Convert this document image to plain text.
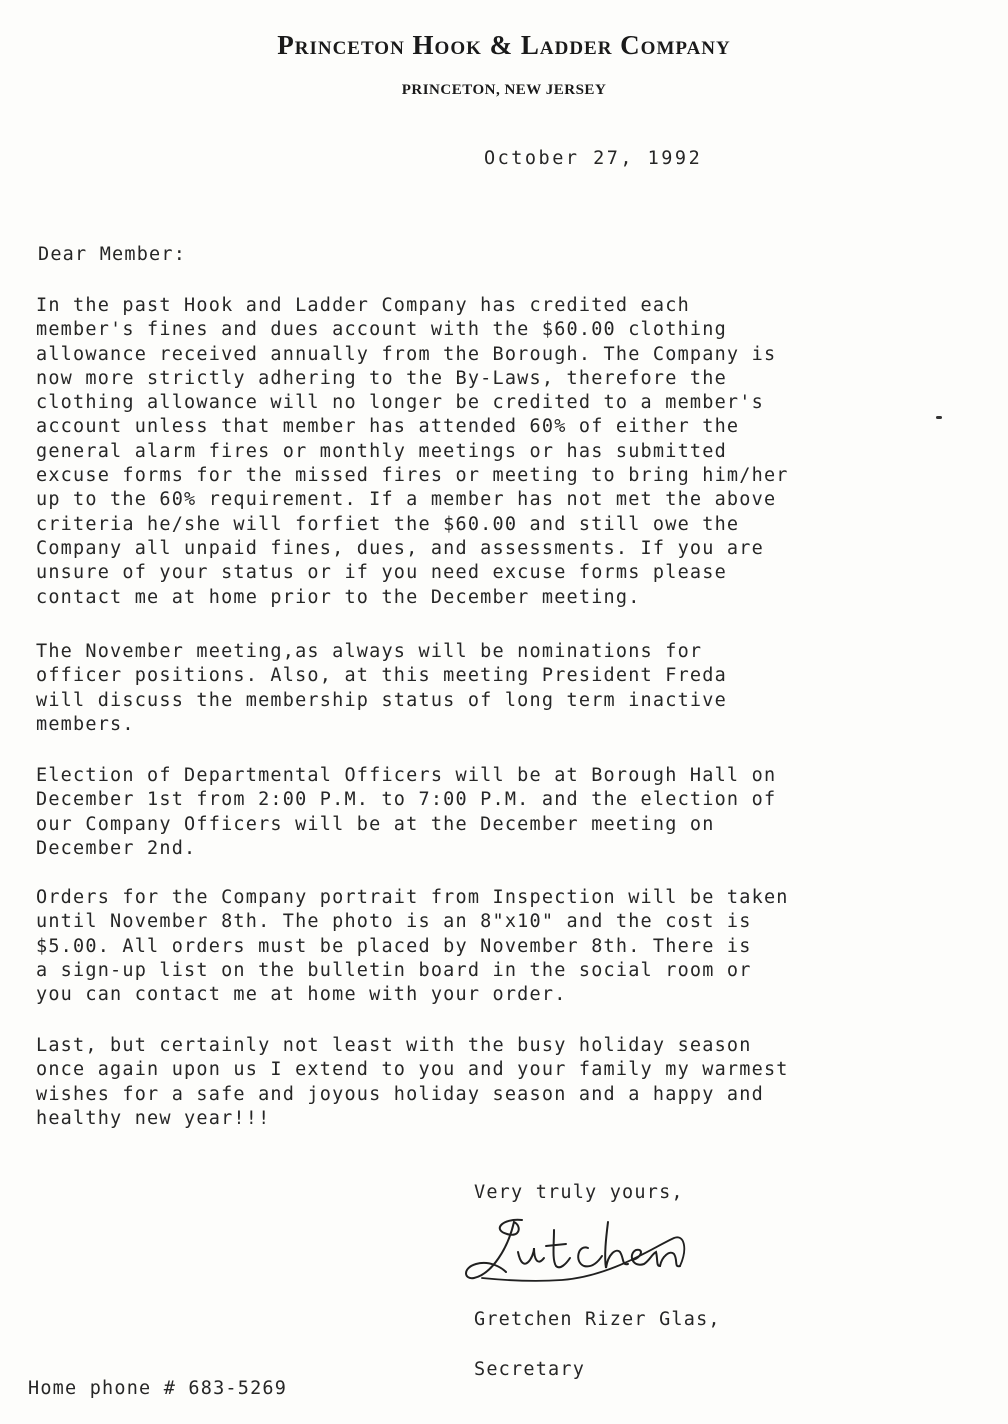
Princeton Hook & Ladder Company
PRINCETON, NEW JERSEY
October 27, 1992
Dear Member:
In the past Hook and Ladder Company has credited each
member's fines and dues account with the $60.00 clothing
allowance received annually from the Borough. The Company is
now more strictly adhering to the By-Laws, therefore the
clothing allowance will no longer be credited to a member's
account unless that member has attended 60% of either the
general alarm fires or monthly meetings or has submitted
excuse forms for the missed fires or meeting to bring him/her
up to the 60% requirement. If a member has not met the above
criteria he/she will forfiet the $60.00 and still owe the
Company all unpaid fines, dues, and assessments. If you are
unsure of your status or if you need excuse forms please
contact me at home prior to the December meeting.
The November meeting,as always will be nominations for
officer positions. Also, at this meeting President Freda
will discuss the membership status of long term inactive
members.
Election of Departmental Officers will be at Borough Hall on
December 1st from 2:00 P.M. to 7:00 P.M. and the election of
our Company Officers will be at the December meeting on
December 2nd.
Orders for the Company portrait from Inspection will be taken
until November 8th. The photo is an 8"x10" and the cost is
$5.00. All orders must be placed by November 8th. There is
a sign-up list on the bulletin board in the social room or
you can contact me at home with your order.
Last, but certainly not least with the busy holiday season
once again upon us I extend to you and your family my warmest
wishes for a safe and joyous holiday season and a happy and
healthy new year!!!
Very truly yours,

Gretchen Rizer Glas,

Secretary

Home phone # 683-5269
